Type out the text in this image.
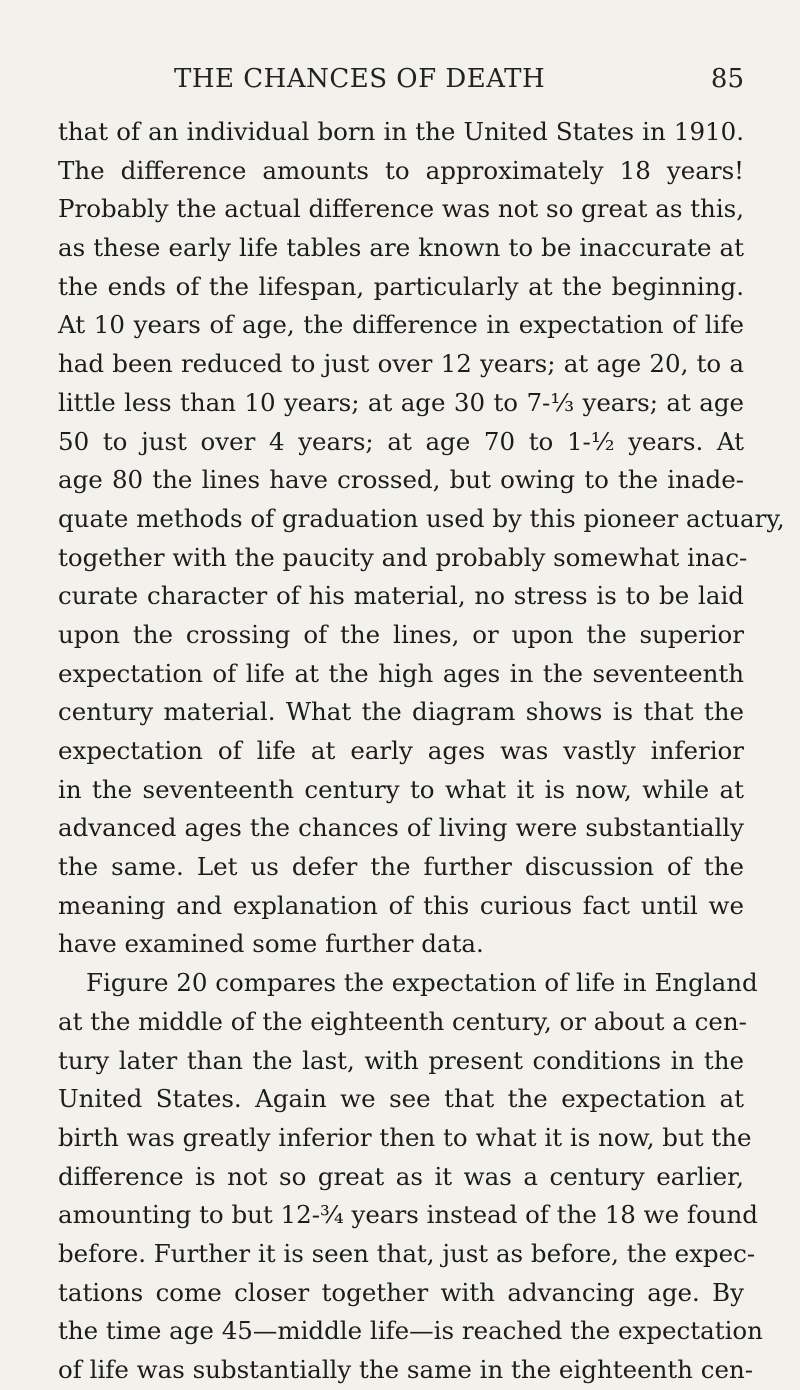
THE CHANCES OF DEATH	85
that of an individual born in the United States in 1910.
The difference amounts to approximately 18 years!
Probably the actual difference was not so great as this,
as these early life tables are known to be inaccurate at
the ends of the lifespan, particularly at the beginning.
At 10 years of age, the difference in expectation of life
had been reduced to just over 12 years; at age 20, to a
little less than 10 years; at age 30 to 7-⅓ years; at age
50 to just over 4 years; at age 70 to 1-½ years. At
age 80 the lines have crossed, but owing to the inade-
quate methods of graduation used by this pioneer actuary,
together with the paucity and probably somewhat inac-
curate character of his material, no stress is to be laid
upon the crossing of the lines, or upon the superior
expectation of life at the high ages in the seventeenth
century material. What the diagram shows is that the
expectation of life at early ages was vastly inferior
in the seventeenth century to what it is now, while at
advanced ages the chances of living were substantially
the same. Let us defer the further discussion of the
meaning and explanation of this curious fact until we
have examined some further data.
Figure 20 compares the expectation of life in England
at the middle of the eighteenth century, or about a cen-
tury later than the last, with present conditions in the
United States. Again we see that the expectation at
birth was greatly inferior then to what it is now, but the
difference is not so great as it was a century earlier,
amounting to but 12-¾ years instead of the 18 we found
before. Further it is seen that, just as before, the expec-
tations come closer together with advancing age. By
the time age 45—middle life—is reached the expectation
of life was substantially the same in the eighteenth cen-
